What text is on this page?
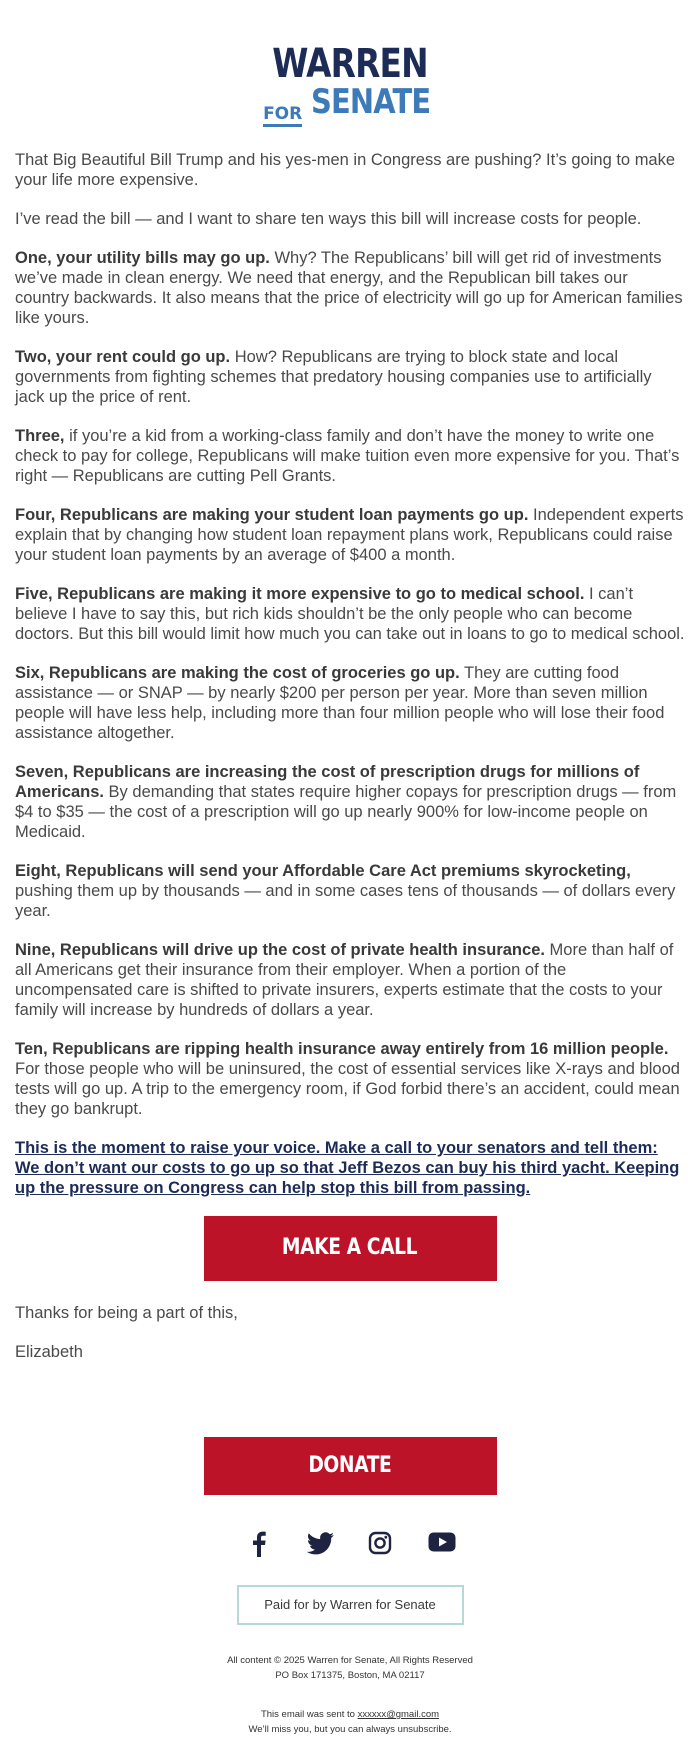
WARREN
FOR SENATE

That Big Beautiful Bill Trump and his yes-men in Congress are pushing? It’s going to make your life more expensive.

I’ve read the bill — and I want to share ten ways this bill will increase costs for people.

One, your utility bills may go up. Why? The Republicans’ bill will get rid of investments we’ve made in clean energy. We need that energy, and the Republican bill takes our country backwards. It also means that the price of electricity will go up for American families like yours.

Two, your rent could go up. How? Republicans are trying to block state and local governments from fighting schemes that predatory housing companies use to artificially jack up the price of rent.

Three, if you’re a kid from a working-class family and don’t have the money to write one check to pay for college, Republicans will make tuition even more expensive for you. That’s right — Republicans are cutting Pell Grants.

Four, Republicans are making your student loan payments go up. Independent experts explain that by changing how student loan repayment plans work, Republicans could raise your student loan payments by an average of $400 a month.

Five, Republicans are making it more expensive to go to medical school. I can’t believe I have to say this, but rich kids shouldn’t be the only people who can become doctors. But this bill would limit how much you can take out in loans to go to medical school.

Six, Republicans are making the cost of groceries go up. They are cutting food assistance — or SNAP — by nearly $200 per person per year. More than seven million people will have less help, including more than four million people who will lose their food assistance altogether.

Seven, Republicans are increasing the cost of prescription drugs for millions of Americans. By demanding that states require higher copays for prescription drugs — from $4 to $35 — the cost of a prescription will go up nearly 900% for low-income people on Medicaid.

Eight, Republicans will send your Affordable Care Act premiums skyrocketing, pushing them up by thousands — and in some cases tens of thousands — of dollars every year.

Nine, Republicans will drive up the cost of private health insurance. More than half of all Americans get their insurance from their employer. When a portion of the uncompensated care is shifted to private insurers, experts estimate that the costs to your family will increase by hundreds of dollars a year.

Ten, Republicans are ripping health insurance away entirely from 16 million people. For those people who will be uninsured, the cost of essential services like X-rays and blood tests will go up. A trip to the emergency room, if God forbid there’s an accident, could mean they go bankrupt.

This is the moment to raise your voice. Make a call to your senators and tell them: We don’t want our costs to go up so that Jeff Bezos can buy his third yacht. Keeping up the pressure on Congress can help stop this bill from passing.

MAKE A CALL

Thanks for being a part of this,

Elizabeth

DONATE

Paid for by Warren for Senate
All content © 2025 Warren for Senate, All Rights Reserved
PO Box 171375, Boston, MA 02117
This email was sent to xxxxxx@gmail.com
We’ll miss you, but you can always unsubscribe.
